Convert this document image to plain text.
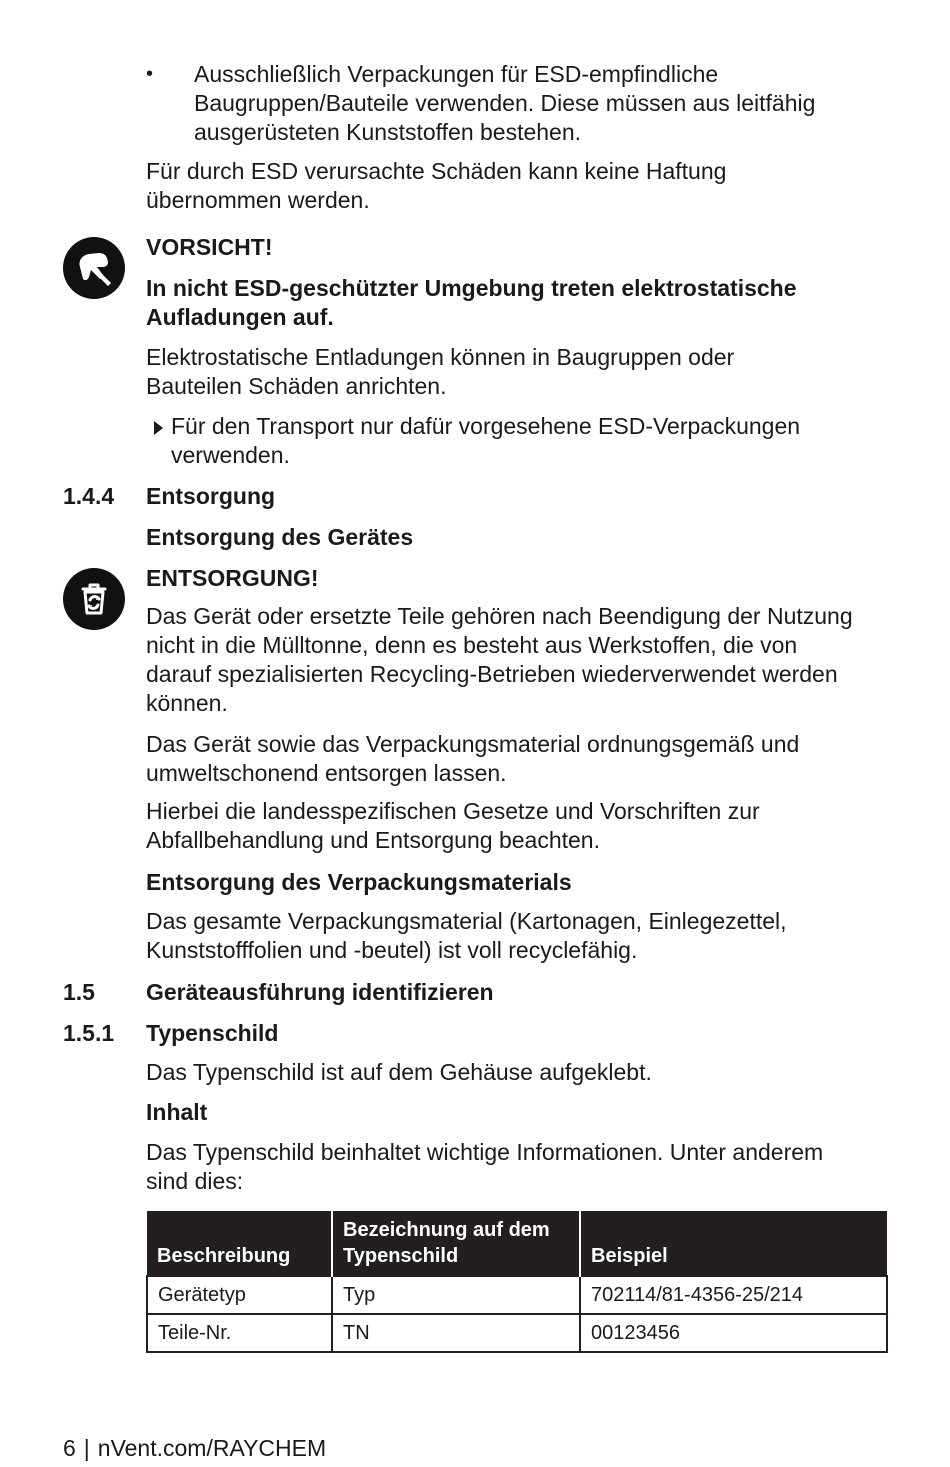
• Ausschließlich Verpackungen für ESD-empfindliche Baugruppen/Bauteile verwenden. Diese müssen aus leitfähig ausgerüsteten Kunststoffen bestehen.

Für durch ESD verursachte Schäden kann keine Haftung übernommen werden.

VORSICHT!
In nicht ESD-geschützter Umgebung treten elektrostatische Aufladungen auf.
Elektrostatische Entladungen können in Baugruppen oder Bauteilen Schäden anrichten.
Für den Transport nur dafür vorgesehene ESD-Verpackungen verwenden.
1.4.4 Entsorgung
Entsorgung des Gerätes
ENTSORGUNG!
Das Gerät oder ersetzte Teile gehören nach Beendigung der Nutzung nicht in die Mülltonne, denn es besteht aus Werkstoffen, die von darauf spezialisierten Recycling-Betrieben wiederverwendet werden können.
Das Gerät sowie das Verpackungsmaterial ordnungsgemäß und umweltschonend entsorgen lassen.
Hierbei die landesspezifischen Gesetze und Vorschriften zur Abfallbehandlung und Entsorgung beachten.
Entsorgung des Verpackungsmaterials
Das gesamte Verpackungsmaterial (Kartonagen, Einlegezettel, Kunststofffolien und -beutel) ist voll recyclefähig.
1.5 Geräteausführung identifizieren
1.5.1 Typenschild
Das Typenschild ist auf dem Gehäuse aufgeklebt.
Inhalt
Das Typenschild beinhaltet wichtige Informationen. Unter anderem sind dies:
Beschreibung	Bezeichnung auf dem Typenschild	Beispiel
Gerätetyp	Typ	702114/81-4356-25/214
Teile-Nr.	TN	00123456
6 | nVent.com/RAYCHEM
